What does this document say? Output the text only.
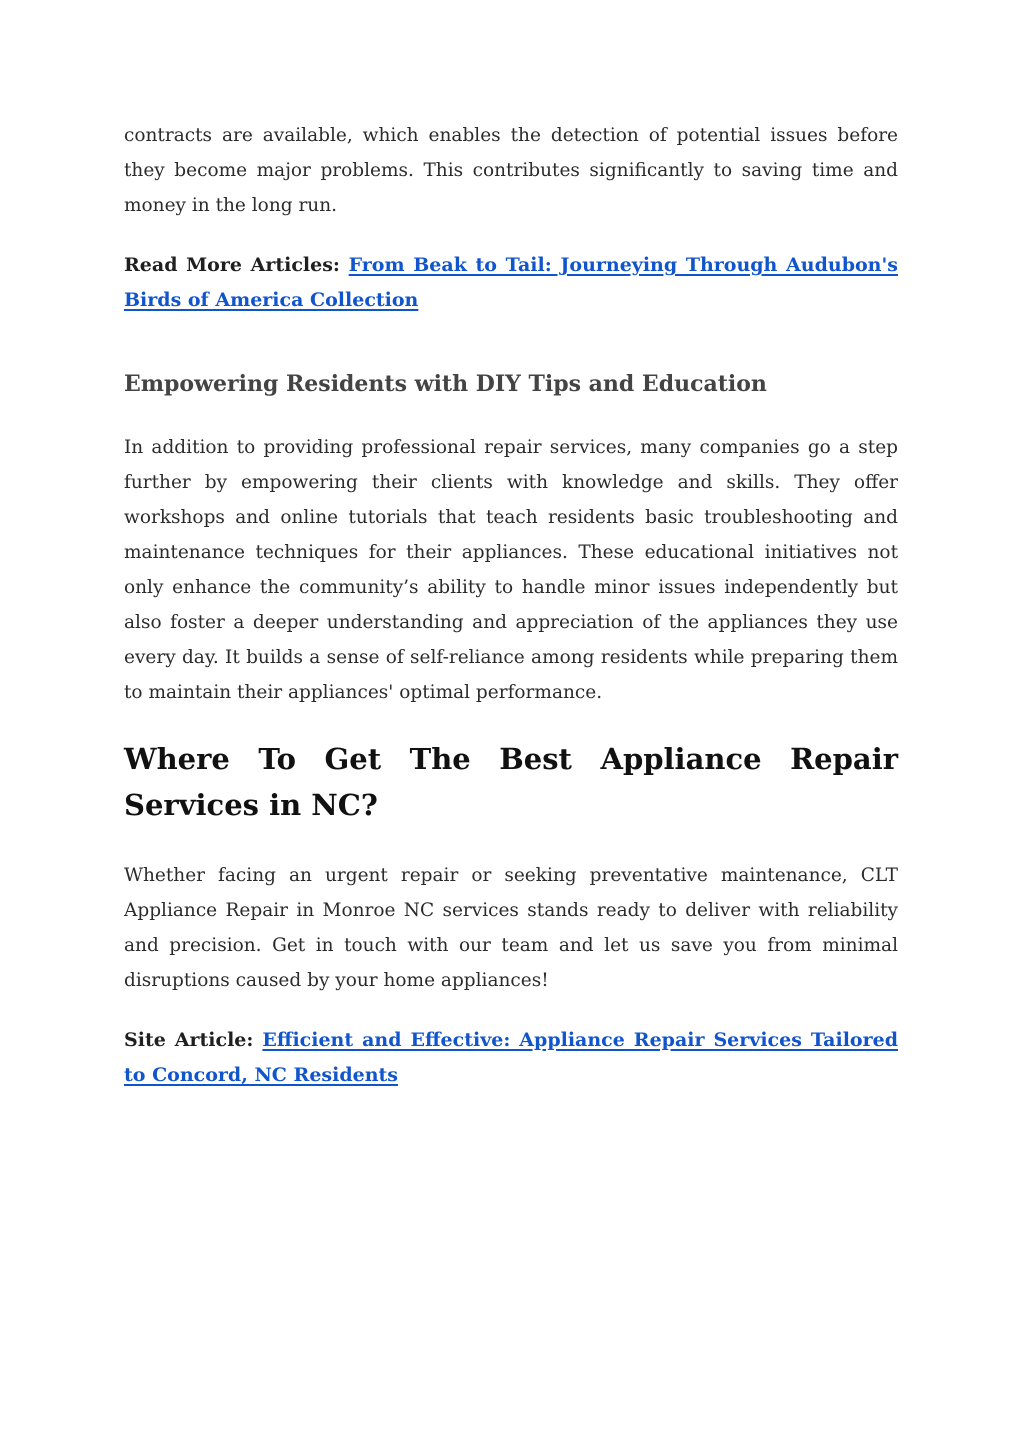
contracts are available, which enables the detection of potential issues before they become major problems. This contributes significantly to saving time and money in the long run.

Read More Articles: From Beak to Tail: Journeying Through Audubon's Birds of America Collection

Empowering Residents with DIY Tips and Education

In addition to providing professional repair services, many companies go a step further by empowering their clients with knowledge and skills. They offer workshops and online tutorials that teach residents basic troubleshooting and maintenance techniques for their appliances. These educational initiatives not only enhance the community’s ability to handle minor issues independently but also foster a deeper understanding and appreciation of the appliances they use every day. It builds a sense of self-reliance among residents while preparing them to maintain their appliances' optimal performance.

Where To Get The Best Appliance Repair Services in NC?

Whether facing an urgent repair or seeking preventative maintenance, CLT Appliance Repair in Monroe NC services stands ready to deliver with reliability and precision. Get in touch with our team and let us save you from minimal disruptions caused by your home appliances!

Site Article: Efficient and Effective: Appliance Repair Services Tailored to Concord, NC Residents
